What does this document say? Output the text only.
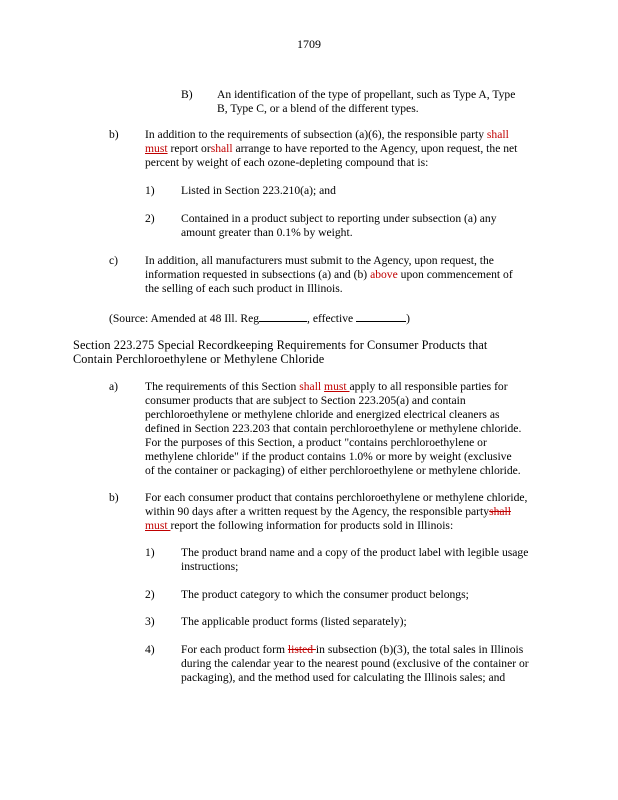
1709
B) An identification of the type of propellant, such as Type A, Type
B, Type C, or a blend of the different types.
b) In addition to the requirements of subsection (a)(6), the responsible party shall
must report orshall arrange to have reported to the Agency, upon request, the net
percent by weight of each ozone-depleting compound that is:
1) Listed in Section 223.210(a); and
2) Contained in a product subject to reporting under subsection (a) any
amount greater than 0.1% by weight.
c) In addition, all manufacturers must submit to the Agency, upon request, the
information requested in subsections (a) and (b) above upon commencement of
the selling of each such product in Illinois.
(Source: Amended at 48 Ill. Reg	, effective	)
Section 223.275 Special Recordkeeping Requirements for Consumer Products that
Contain Perchloroethylene or Methylene Chloride
a) The requirements of this Section shall must apply to all responsible parties for
consumer products that are subject to Section 223.205(a) and contain
perchloroethylene or methylene chloride and energized electrical cleaners as
defined in Section 223.203 that contain perchloroethylene or methylene chloride.
For the purposes of this Section, a product "contains perchloroethylene or
methylene chloride" if the product contains 1.0% or more by weight (exclusive
of the container or packaging) of either perchloroethylene or methylene chloride.
b) For each consumer product that contains perchloroethylene or methylene chloride,
within 90 days after a written request by the Agency, the responsible partyshall
must report the following information for products sold in Illinois:
1) The product brand name and a copy of the product label with legible usage
instructions;
2) The product category to which the consumer product belongs;
3) The applicable product forms (listed separately);
4) For each product form listed in subsection (b)(3), the total sales in Illinois
during the calendar year to the nearest pound (exclusive of the container or
packaging), and the method used for calculating the Illinois sales; and
